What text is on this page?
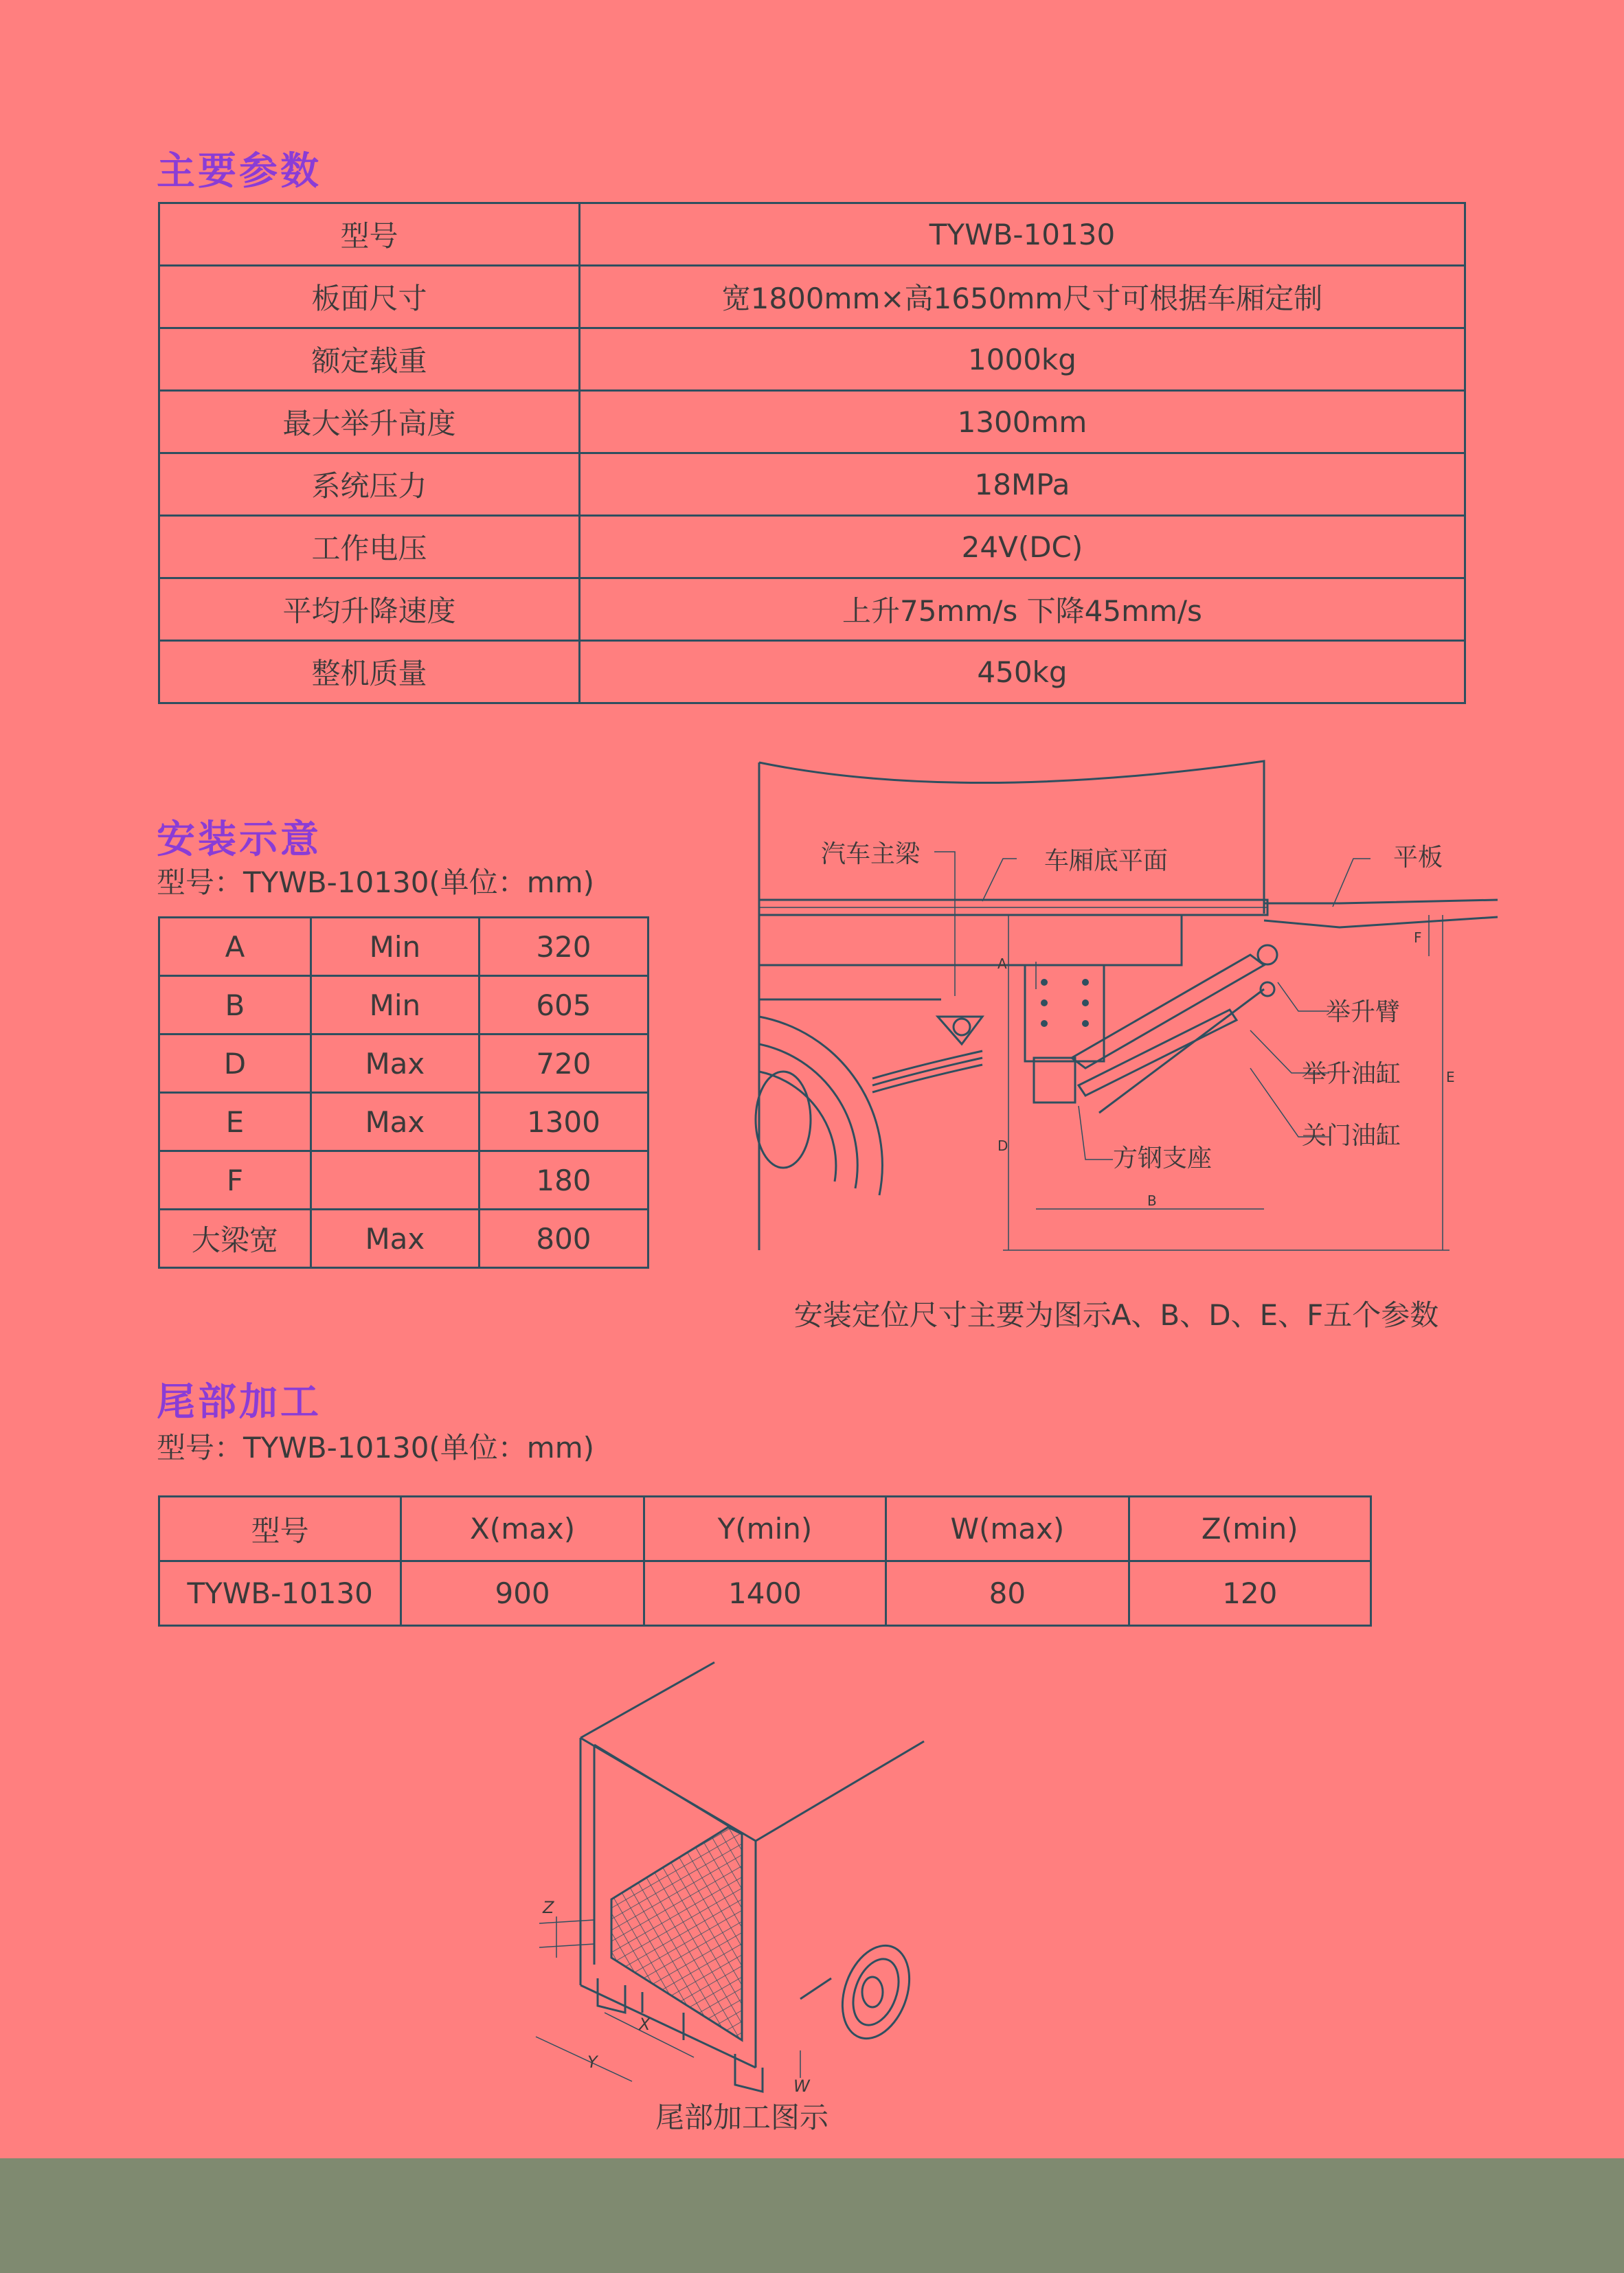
主要参数
型号	TYWB-10130
板面尺寸	宽1800mm×高1650mm尺寸可根据车厢定制
额定载重	1000kg
最大举升高度	1300mm
系统压力	18MPa
工作电压	24V(DC)
平均升降速度	上升75mm/s 下降45mm/s
整机质量	450kg
安装示意

型号：TYWB-10130(单位：mm)

A	Min	320
B	Min	605
D	Max	720
E	Max	1300
F		180
大梁宽	Max	800
汽车主梁	车厢底平面	平板
举升臂
举升油缸
关门油缸
方钢支座
A
D
B
E
F

安装定位尺寸主要为图示A、B、D、E、F五个参数

尾部加工

型号：TYWB-10130(单位：mm)

型号	X(max)	Y(min)	W(max)	Z(min)
TYWB-10130	900	1400	80	120
Z
X
Y
W

尾部加工图示
